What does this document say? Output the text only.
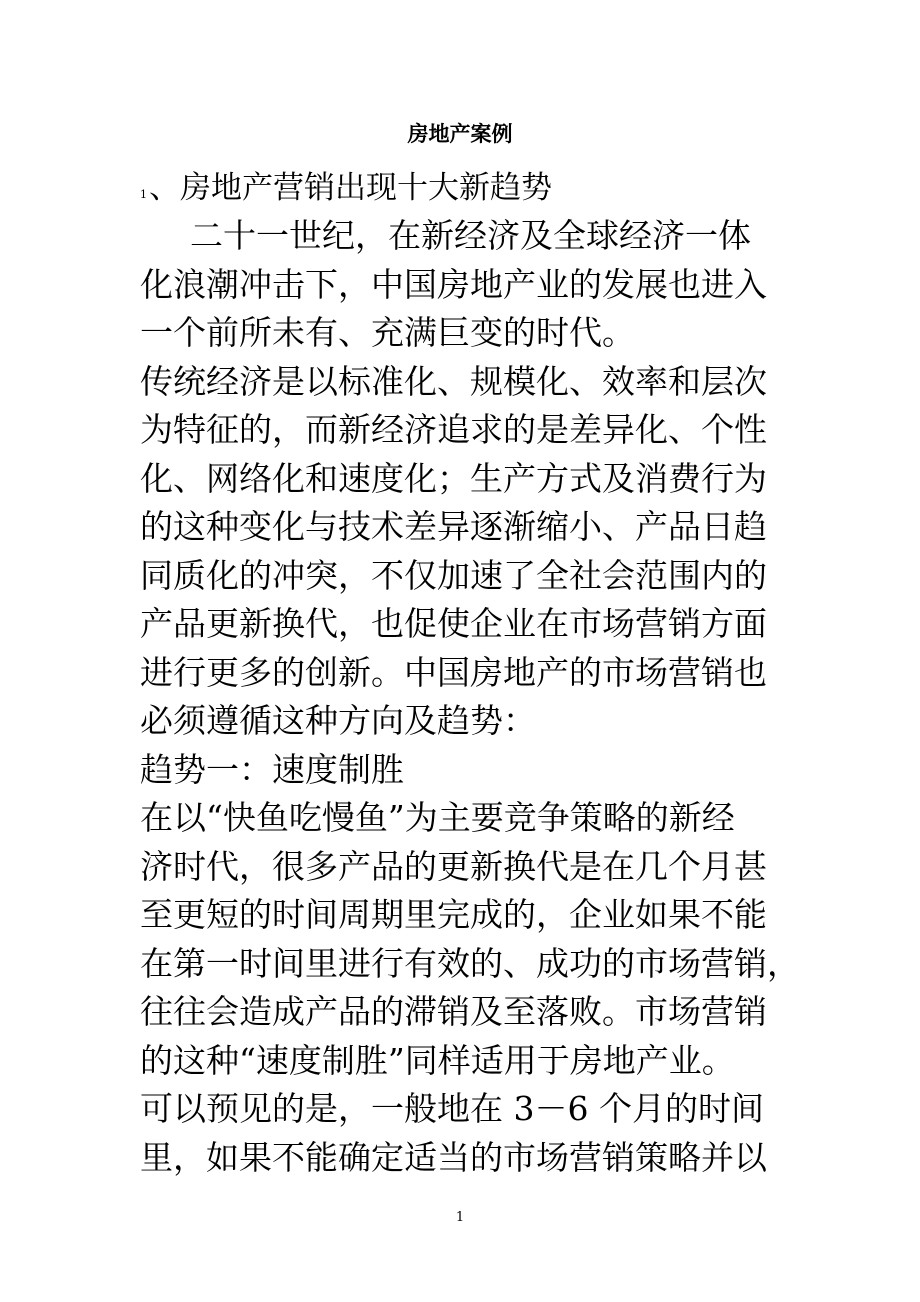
房地产案例
1、房地产营销出现十大新趋势
二十一世纪，在新经济及全球经济一体
化浪潮冲击下，中国房地产业的发展也进入
一个前所未有、充满巨变的时代。
传统经济是以标准化、规模化、效率和层次
为特征的，而新经济追求的是差异化、个性
化、网络化和速度化；生产方式及消费行为
的这种变化与技术差异逐渐缩小、产品日趋
同质化的冲突，不仅加速了全社会范围内的
产品更新换代，也促使企业在市场营销方面
进行更多的创新。中国房地产的市场营销也
必须遵循这种方向及趋势：
趋势一：速度制胜
在以“快鱼吃慢鱼”为主要竞争策略的新经
济时代，很多产品的更新换代是在几个月甚
至更短的时间周期里完成的，企业如果不能
在第一时间里进行有效的、成功的市场营销，
往往会造成产品的滞销及至落败。市场营销
的这种“速度制胜”同样适用于房地产业。
可以预见的是，一般地在 3－6 个月的时间
里，如果不能确定适当的市场营销策略并以
1
